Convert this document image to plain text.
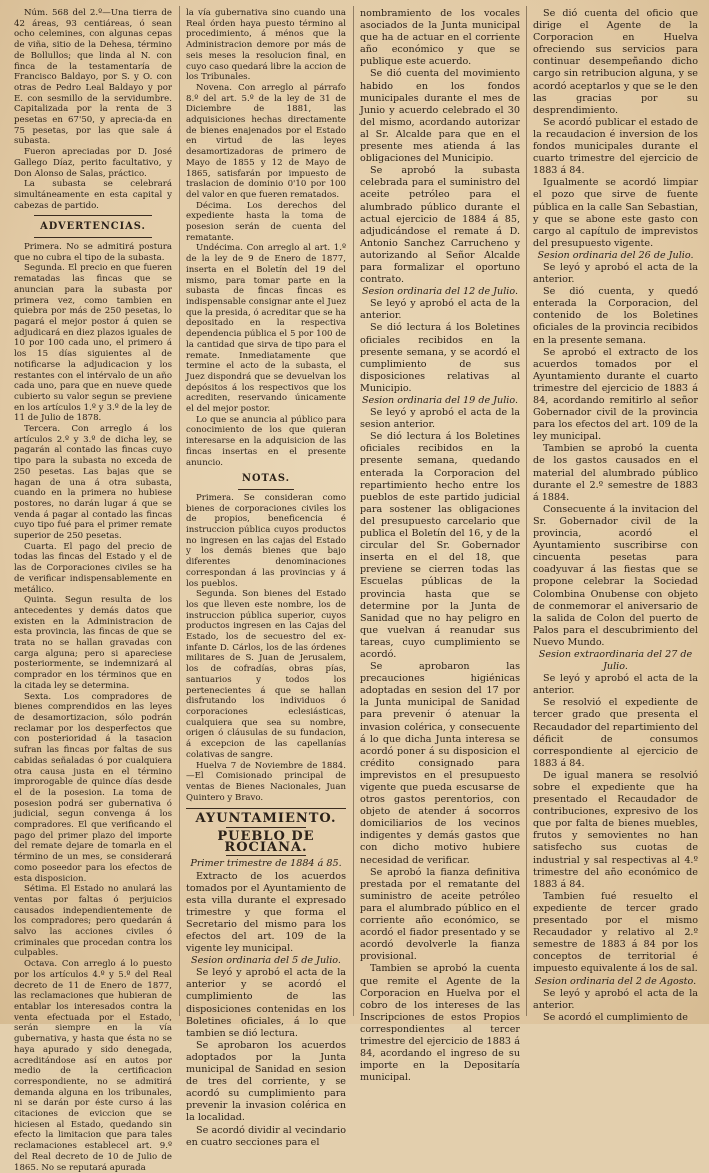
Núm. 568 del 2.º—Una tierra de 42 áreas, 93 centiáreas, ó sean ocho celemines, con algunas cepas de viña, sitio de la Dehesa, término de Bollullos; que linda al N. con finca de la testamentaría de Francisco Baldayo, por S. y O. con otras de Pedro Leal Baldayo y por E. con sesmillo de la servidumbre. Capitalizada por la renta de 3 pesetas en 67'50, y aprecia-da en 75 pesetas, por las que sale á subasta.

Fueron apreciadas por D. José Gallego Díaz, perito facultativo, y Don Alonso de Salas, práctico.

La subasta se celebrará simultáneamente en esta capital y cabezas de partido.

ADVERTENCIAS.

Primera. No se admitirá postura que no cubra el tipo de la subasta.

Segunda. El precio en que fueren rematadas las fincas que se anuncian para la subasta por primera vez, como tambien en quiebra por más de 250 pesetas, lo pagará el mejor postor á quien se adjudicará en diez plazos iguales de 10 por 100 cada uno, el primero á los 15 días siguientes al de notificarse la adjudicacion y los restantes con el intérvalo de un año cada uno, para que en nueve quede cubierto su valor segun se previene en los artículos 1.º y 3.º de la ley de 11 de Julio de 1878.

Tercera. Con arreglo á los artículos 2.º y 3.º de dicha ley, se pagarán al contado las fincas cuyo tipo para la subasta no exceda de 250 pesetas. Las bajas que se hagan de una á otra subasta, cuando en la primera no hubiese postores, no darán lugar á que se venda á pagar al contado las fincas cuyo tipo fué para el primer remate superior de 250 pesetas.

Cuarta. El pago del precio de todas las fincas del Estado y el de las de Corporaciones civiles se ha de verificar indispensablemente en metálico.

Quinta. Segun resulta de los antecedentes y demás datos que existen en la Administracion de esta provincia, las fincas de que se trata no se hallan gravadas con carga alguna; pero si apareciese posteriormente, se indemnizará al comprador en los términos que en la citada ley se determina.

Sexta. Los compradores de bienes comprendidos en las leyes de desamortizacion, sólo podrán reclamar por los desperfectos que con posterioridad á la tasacion sufran las fincas por faltas de sus cabidas señaladas ó por cualquiera otra causa justa en el término improrogable de quince días desde el de la posesion. La toma de posesion podrá ser gubernativa ó judicial, segun convenga á los compradores. El que verificando el pago del primer plazo del importe del remate dejare de tomarla en el término de un mes, se considerará como poseedor para los efectos de esta disposicion.

Sétima. El Estado no anulará las ventas por faltas ó perjuicios causados independientemente de los compradores; pero quedarán á salvo las acciones civiles ó criminales que procedan contra los culpables.

Octava. Con arreglo á lo puesto por los artículos 4.º y 5.º del Real decreto de 11 de Enero de 1877, las reclamaciones que hubieran de entablar los interesados contra la venta efectuada por el Estado, serán siempre en la vía gubernativa, y hasta que ésta no se haya apurado y sido denegada, acreditándose así en autos por medio de la certificacion correspondiente, no se admitirá demanda alguna en los tribunales, ni se darán por éste curso á las citaciones de eviccion que se hiciesen al Estado, quedando sin efecto la limitacion que para tales reclamaciones establecel art. 9.º del Real decreto de 10 de Julio de 1865. No se reputará apurada

la vía gubernativa sino cuando una Real órden haya puesto término al procedimiento, á ménos que la Administracion demore por más de seis meses la resolucion final, en cuyo caso quedará libre la accion de los Tribunales.

Novena. Con arreglo al párrafo 8.º del art. 5.º de la ley de 31 de Diciembre de 1881, las adquisiciones hechas directamente de bienes enajenados por el Estado en virtud de las leyes desamortizadoras de primero de Mayo de 1855 y 12 de Mayo de 1865, satisfarán por impuesto de traslacion de dominio 0'10 por 100 del valor en que fueren rematados.

Décima. Los derechos del expediente hasta la toma de posesion serán de cuenta del rematante.

Undécima. Con arreglo al art. 1.º de la ley de 9 de Enero de 1877, inserta en el Boletín del 19 del mismo, para tomar parte en la subasta de fincas fincas es indispensable consignar ante el Juez que la presida, ó acreditar que se ha depositado en la respectiva dependencia pública el 5 por 100 de la cantidad que sirva de tipo para el remate. Inmediatamente que termine el acto de la subasta, el Juez dispondrá que se devuelvan los depósitos á los respectivos que los acrediten, reservando únicamente el del mejor postor.

Lo que se anuncia al público para conocimiento de los que quieran interesarse en la adquisicion de las fincas insertas en el presente anuncio.

NOTAS.

Primera. Se consideran como bienes de corporaciones civiles los de propios, beneficencia é instruccion pública cuyos productos no ingresen en las cajas del Estado y los demás bienes que bajo diferentes denominaciones correspondan á las provincias y á los pueblos.

Segunda. Son bienes del Estado los que lleven este nombre, los de instruccion pública superior, cuyos productos ingresen en las Cajas del Estado, los de secuestro del ex-infante D. Cárlos, los de las órdenes militares de S. Juan de Jerusalem, los de cofradías, obras pías, santuarios y todos los pertenecientes á que se hallan disfrutando los individuos ó corporaciones eclesiásticas, cualquiera que sea su nombre, origen ó cláusulas de su fundacion, á excepcion de las capellanías colativas de sangre.

Huelva 7 de Noviembre de 1884.—El Comisionado principal de ventas de Bienes Nacionales, Juan Quintero y Bravo.

AYUNTAMIENTO.
PUEBLO DE ROCIANA.

Primer trimestre de 1884 á 85.

Extracto de los acuerdos tomados por el Ayuntamiento de esta villa durante el expresado trimestre y que forma el Secretario del mismo para los efectos del art. 109 de la vigente ley municipal.

Sesion ordinaria del 5 de Julio.

Se leyó y aprobó el acta de la anterior y se acordó el cumplimiento de las disposiciones contenidas en los Boletines oficiales, á lo que tambien se dió lectura.

Se aprobaron los acuerdos adoptados por la Junta municipal de Sanidad en sesion de tres del corriente, y se acordó su cumplimiento para prevenir la invasion colérica en la localidad.

Se acordó dividir al vecindario en cuatro secciones para el

nombramiento de los vocales asociados de la Junta municipal que ha de actuar en el corriente año económico y que se publique este acuerdo.

Se dió cuenta del movimiento habido en los fondos municipales durante el mes de Junio y acuerdo celebrado el 30 del mismo, acordando autorizar al Sr. Alcalde para que en el presente mes atienda á las obligaciones del Municipio.

Se aprobó la subasta celebrada para el suministro del aceite petróleo para el alumbrado público durante el actual ejercicio de 1884 á 85, adjudicándose el remate á D. Antonio Sanchez Carrucheno y autorizando al Señor Alcalde para formalizar el oportuno contrato.

Sesion ordinaria del 12 de Julio.

Se leyó y aprobó el acta de la anterior.

Se dió lectura á los Boletines oficiales recibidos en la presente semana, y se acordó el cumplimiento de sus disposiciones relativas al Municipio.

Sesion ordinaria del 19 de Julio.

Se leyó y aprobó el acta de la sesion anterior.

Se dió lectura á los Boletines oficiales recibidos en la presente semana, quedando enterada la Corporacion del repartimiento hecho entre los pueblos de este partido judicial para sostener las obligaciones del presupuesto carcelario que publica el Boletín del 16, y de la circular del Sr. Gobernador inserta en el del 18, que previene se cierren todas las Escuelas públicas de la provincia hasta que se determine por la Junta de Sanidad que no hay peligro en que vuelvan á reanudar sus tareas, cuyo cumplimiento se acordó.

Se aprobaron las precauciones higiénicas adoptadas en sesion del 17 por la Junta municipal de Sanidad para prevenir ó atenuar la invasion colérica, y consecuente á lo que dicha Junta interesa se acordó poner á su disposicion el crédito consignado para imprevistos en el presupuesto vigente que pueda escusarse de otros gastos perentorios, con objeto de atender á socorros domiciliarios de los vecinos indigentes y demás gastos que con dicho motivo hubiere necesidad de verificar.

Se aprobó la fianza definitiva prestada por el rematante del suministro de aceite petróleo para el alumbrado público en el corriente año económico, se acordó el fiador presentado y se acordó devolverle la fianza provisional.

Tambien se aprobó la cuenta que remite el Agente de la Corporacion en Huelva por el cobro de los intereses de las Inscripciones de estos Propios correspondientes al tercer trimestre del ejercicio de 1883 á 84, acordando el ingreso de su importe en la Depositaría municipal.

Se dió cuenta del oficio que dirige el Agente de la Corporacion en Huelva ofreciendo sus servicios para continuar desempeñando dicho cargo sin retribucion alguna, y se acordó aceptarlos y que se le den las gracias por su desprendimiento.

Se acordó publicar el estado de la recaudacion é inversion de los fondos municipales durante el cuarto trimestre del ejercicio de 1883 á 84.

Igualmente se acordó limpiar el pozo que sirve de fuente pública en la calle San Sebastian, y que se abone este gasto con cargo al capítulo de imprevistos del presupuesto vigente.

Sesion ordinaria del 26 de Julio.

Se leyó y aprobó el acta de la anterior.

Se dió cuenta, y quedó enterada la Corporacion, del contenido de los Boletines oficiales de la provincia recibidos en la presente semana.

Se aprobó el extracto de los acuerdos tomados por el Ayuntamiento durante el cuarto trimestre del ejercicio de 1883 á 84, acordando remitirlo al señor Gobernador civil de la provincia para los efectos del art. 109 de la ley municipal.

Tambien se aprobó la cuenta de los gastos causados en el material del alumbrado público durante el 2.º semestre de 1883 á 1884.

Consecuente á la invitacion del Sr. Gobernador civil de la provincia, acordó el Ayuntamiento suscribirse con cincuenta pesetas para coadyuvar á las fiestas que se propone celebrar la Sociedad Colombina Onubense con objeto de conmemorar el aniversario de la salida de Colon del puerto de Palos para el descubrimiento del Nuevo Mundo.

Sesion extraordinaria del 27 de Julio.

Se leyó y aprobó el acta de la anterior.

Se resolvió el expediente de tercer grado que presenta el Recaudador del repartimiento del déficit de consumos correspondiente al ejercicio de 1883 á 84.

De igual manera se resolvió sobre el expediente que ha presentado el Recaudador de contribuciones, expresivo de los que por falta de bienes muebles, frutos y semovientes no han satisfecho sus cuotas de industrial y sal respectivas al 4.º trimestre del año económico de 1883 á 84.

Tambien fué resuelto el expediente de tercer grado presentado por el mismo Recaudador y relativo al 2.º semestre de 1883 á 84 por los conceptos de territorial é impuesto equivalente á los de sal.

Sesion ordinaria del 2 de Agosto.

Se leyó y aprobó el acta de la anterior.

Se acordó el cumplimiento de
